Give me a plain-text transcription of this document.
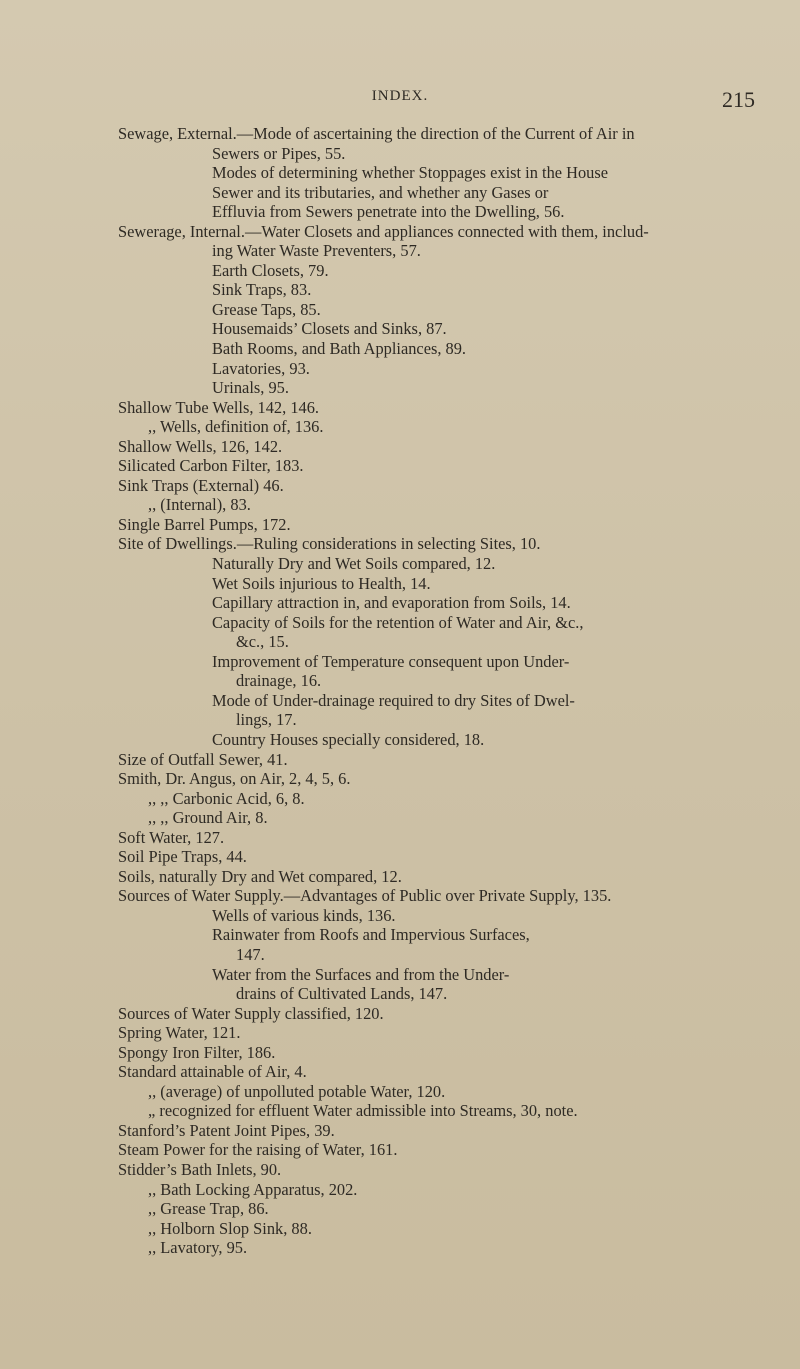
INDEX.	215
Sewage, External.—Mode of ascertaining the direction of the Current of Air in
Sewers or Pipes, 55.
Modes of determining whether Stoppages exist in the House
Sewer and its tributaries, and whether any Gases or
Effluvia from Sewers penetrate into the Dwelling, 56.
Sewerage, Internal.—Water Closets and appliances connected with them, includ-
ing Water Waste Preventers, 57.
Earth Closets, 79.
Sink Traps, 83.
Grease Taps, 85.
Housemaids’ Closets and Sinks, 87.
Bath Rooms, and Bath Appliances, 89.
Lavatories, 93.
Urinals, 95.
Shallow Tube Wells, 142, 146.
,, Wells, definition of, 136.
Shallow Wells, 126, 142.
Silicated Carbon Filter, 183.
Sink Traps (External) 46.
,, (Internal), 83.
Single Barrel Pumps, 172.
Site of Dwellings.—Ruling considerations in selecting Sites, 10.
Naturally Dry and Wet Soils compared, 12.
Wet Soils injurious to Health, 14.
Capillary attraction in, and evaporation from Soils, 14.
Capacity of Soils for the retention of Water and Air, &c.,
&c., 15.
Improvement of Temperature consequent upon Under-
drainage, 16.
Mode of Under-drainage required to dry Sites of Dwel-
lings, 17.
Country Houses specially considered, 18.
Size of Outfall Sewer, 41.
Smith, Dr. Angus, on Air, 2, 4, 5, 6.
,, ,, Carbonic Acid, 6, 8.
,, ,, Ground Air, 8.
Soft Water, 127.
Soil Pipe Traps, 44.
Soils, naturally Dry and Wet compared, 12.
Sources of Water Supply.—Advantages of Public over Private Supply, 135.
Wells of various kinds, 136.
Rainwater from Roofs and Impervious Surfaces,
147.
Water from the Surfaces and from the Under-
drains of Cultivated Lands, 147.
Sources of Water Supply classified, 120.
Spring Water, 121.
Spongy Iron Filter, 186.
Standard attainable of Air, 4.
,, (average) of unpolluted potable Water, 120.
„ recognized for effluent Water admissible into Streams, 30, note.
Stanford’s Patent Joint Pipes, 39.
Steam Power for the raising of Water, 161.
Stidder’s Bath Inlets, 90.
,, Bath Locking Apparatus, 202.
,, Grease Trap, 86.
,, Holborn Slop Sink, 88.
,, Lavatory, 95.
